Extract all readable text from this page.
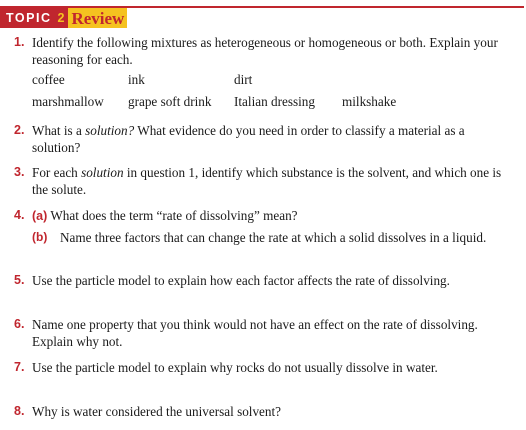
TOPIC 2 Review
1. Identify the following mixtures as heterogeneous or homogeneous or both. Explain your reasoning for each.
coffee	ink	dirt
marshmallow grape soft drink Italian dressing milkshake
2. What is a solution? What evidence do you need in order to classify a material as a solution?
3. For each solution in question 1, identify which substance is the solvent, and which one is the solute.
4. (a) What does the term “rate of dissolving” mean?
(b) Name three factors that can change the rate at which a solid dissolves in a liquid.
5. Use the particle model to explain how each factor affects the rate of dissolving.
6. Name one property that you think would not have an effect on the rate of dissolving. Explain why not.
7. Use the particle model to explain why rocks do not usually dissolve in water.
8. Why is water considered the universal solvent?
